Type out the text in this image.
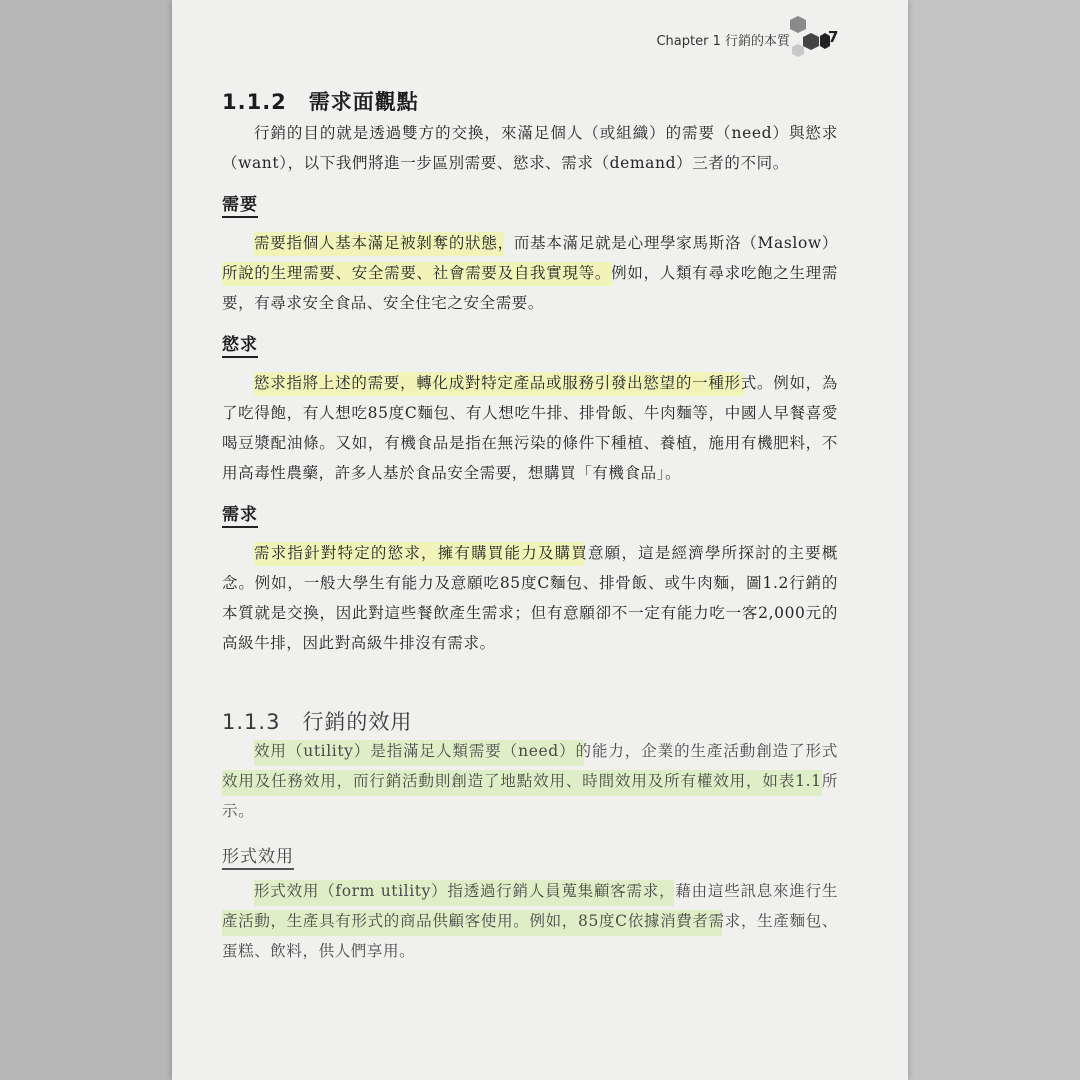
Chapter 1 行銷的本質	7
1.1.2 需求面觀點
行銷的目的就是透過雙方的交換，來滿足個人（或組織）的需要（need）與慾求（want），以下我們將進一步區別需要、慾求、需求（demand）三者的不同。
需要
需要指個人基本滿足被剝奪的狀態，而基本滿足就是心理學家馬斯洛（Maslow）所說的生理需要、安全需要、社會需要及自我實現等。例如，人類有尋求吃飽之生理需要，有尋求安全食品、安全住宅之安全需要。
慾求
慾求指將上述的需要，轉化成對特定產品或服務引發出慾望的一種形式。例如，為了吃得飽，有人想吃85度C麵包、有人想吃牛排、排骨飯、牛肉麵等，中國人早餐喜愛喝豆漿配油條。又如，有機食品是指在無污染的條件下種植、養植，施用有機肥料，不用高毒性農藥，許多人基於食品安全需要，想購買「有機食品」。
需求
需求指針對特定的慾求，擁有購買能力及購買意願，這是經濟學所探討的主要概念。例如，一般大學生有能力及意願吃85度C麵包、排骨飯、或牛肉麵，圖1.2行銷的本質就是交換，因此對這些餐飲產生需求；但有意願卻不一定有能力吃一客2,000元的高級牛排，因此對高級牛排沒有需求。
1.1.3 行銷的效用
效用（utility）是指滿足人類需要（need）的能力，企業的生產活動創造了形式效用及任務效用，而行銷活動則創造了地點效用、時間效用及所有權效用，如表1.1所示。
形式效用
形式效用（form utility）指透過行銷人員蒐集顧客需求，藉由這些訊息來進行生產活動，生產具有形式的商品供顧客使用。例如，85度C依據消費者需求，生產麵包、蛋糕、飲料，供人們享用。
